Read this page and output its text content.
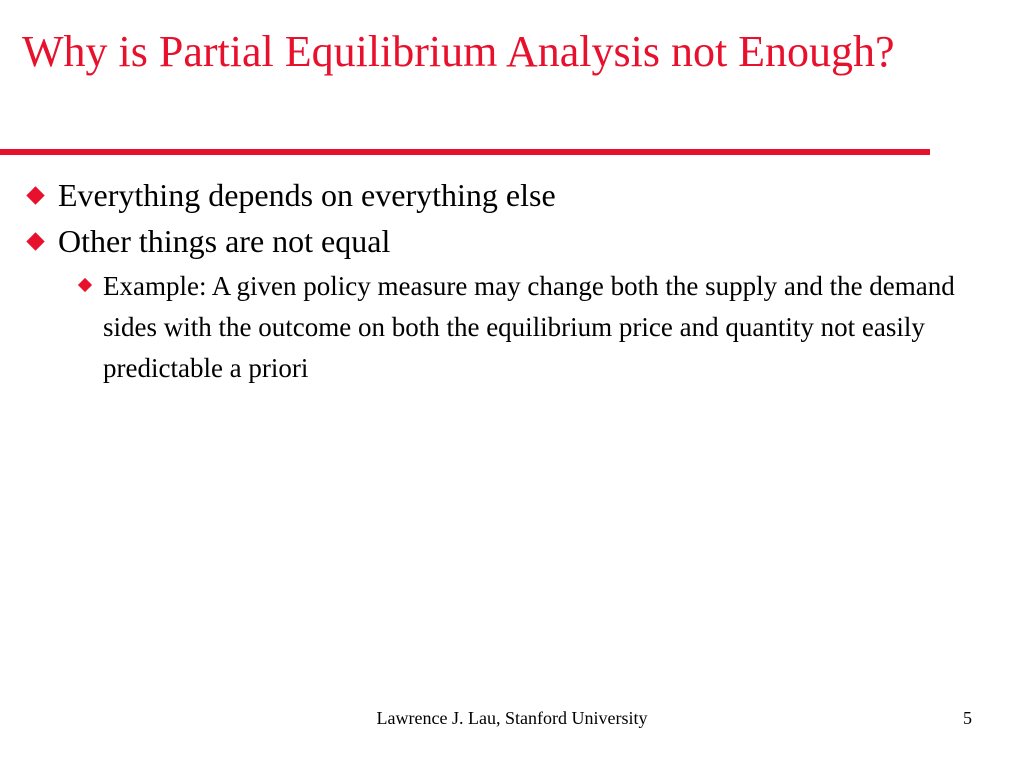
Why is Partial Equilibrium Analysis not Enough?
Everything depends on everything else
Other things are not equal
Example: A given policy measure may change both the supply and the demand sides with the outcome on both the equilibrium price and quantity not easily predictable a priori
Lawrence J. Lau, Stanford University	5
